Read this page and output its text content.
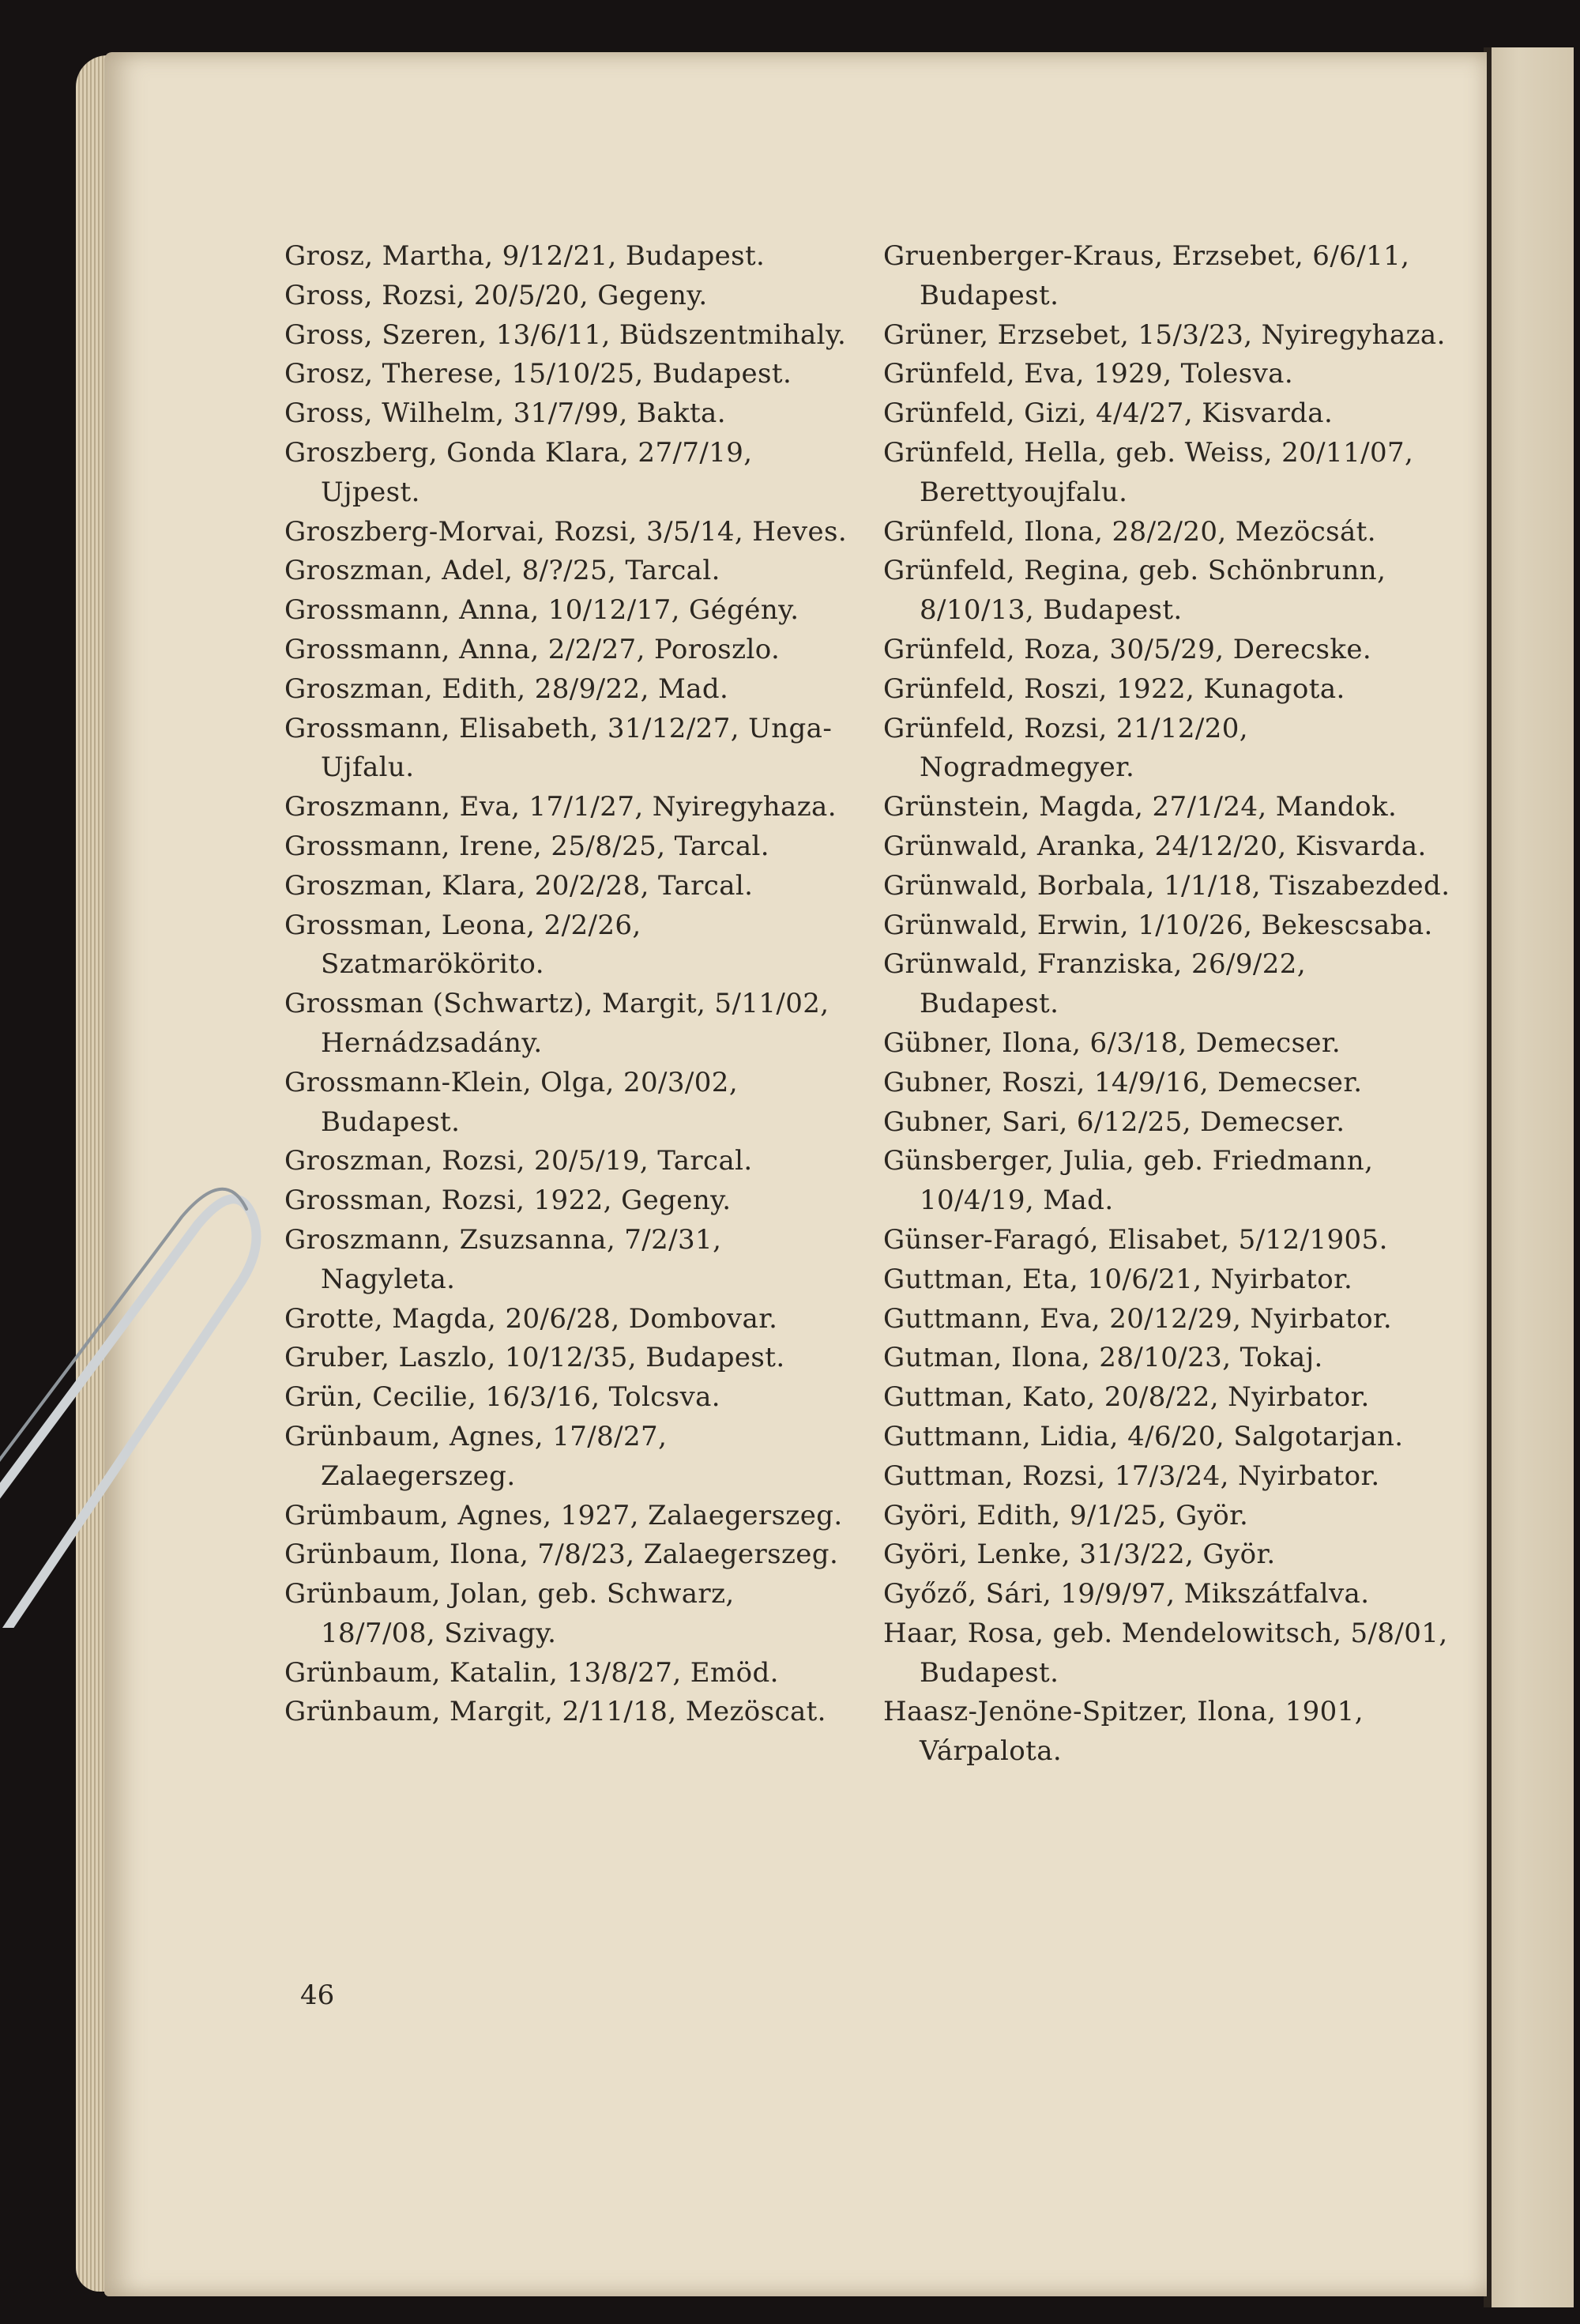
Grosz, Martha, 9/12/21, Budapest.
Gross, Rozsi, 20/5/20, Gegeny.
Gross, Szeren, 13/6/11, Büdszentmihaly.
Grosz, Therese, 15/10/25, Budapest.
Gross, Wilhelm, 31/7/99, Bakta.
Groszberg, Gonda Klara, 27/7/19, Ujpest.
Groszberg-Morvai, Rozsi, 3/5/14, Heves.
Groszman, Adel, 8/?/25, Tarcal.
Grossmann, Anna, 10/12/17, Gégény.
Grossmann, Anna, 2/2/27, Poroszlo.
Groszman, Edith, 28/9/22, Mad.
Grossmann, Elisabeth, 31/12/27, Unga-Ujfalu.
Groszmann, Eva, 17/1/27, Nyiregyhaza.
Grossmann, Irene, 25/8/25, Tarcal.
Groszman, Klara, 20/2/28, Tarcal.
Grossman, Leona, 2/2/26, Szatmarökörito.
Grossman (Schwartz), Margit, 5/11/02, Hernádzsadány.
Grossmann-Klein, Olga, 20/3/02, Budapest.
Groszman, Rozsi, 20/5/19, Tarcal.
Grossman, Rozsi, 1922, Gegeny.
Groszmann, Zsuzsanna, 7/2/31, Nagyleta.
Grotte, Magda, 20/6/28, Dombovar.
Gruber, Laszlo, 10/12/35, Budapest.
Grün, Cecilie, 16/3/16, Tolcsva.
Grünbaum, Agnes, 17/8/27, Zalaegerszeg.
Grümbaum, Agnes, 1927, Zalaegerszeg.
Grünbaum, Ilona, 7/8/23, Zalaegerszeg.
Grünbaum, Jolan, geb. Schwarz, 18/7/08, Szivagy.
Grünbaum, Katalin, 13/8/27, Emöd.
Grünbaum, Margit, 2/11/18, Mezöscat.
Gruenberger-Kraus, Erzsebet, 6/6/11, Budapest.
Grüner, Erzsebet, 15/3/23, Nyiregyhaza.
Grünfeld, Eva, 1929, Tolesva.
Grünfeld, Gizi, 4/4/27, Kisvarda.
Grünfeld, Hella, geb. Weiss, 20/11/07, Berettyoujfalu.
Grünfeld, Ilona, 28/2/20, Mezöcsát.
Grünfeld, Regina, geb. Schönbrunn, 8/10/13, Budapest.
Grünfeld, Roza, 30/5/29, Derecske.
Grünfeld, Roszi, 1922, Kunagota.
Grünfeld, Rozsi, 21/12/20, Nogradmegyer.
Grünstein, Magda, 27/1/24, Mandok.
Grünwald, Aranka, 24/12/20, Kisvarda.
Grünwald, Borbala, 1/1/18, Tiszabezded.
Grünwald, Erwin, 1/10/26, Bekescsaba.
Grünwald, Franziska, 26/9/22, Budapest.
Gübner, Ilona, 6/3/18, Demecser.
Gubner, Roszi, 14/9/16, Demecser.
Gubner, Sari, 6/12/25, Demecser.
Günsberger, Julia, geb. Friedmann, 10/4/19, Mad.
Günser-Faragó, Elisabet, 5/12/1905.
Guttman, Eta, 10/6/21, Nyirbator.
Guttmann, Eva, 20/12/29, Nyirbator.
Gutman, Ilona, 28/10/23, Tokaj.
Guttman, Kato, 20/8/22, Nyirbator.
Guttmann, Lidia, 4/6/20, Salgotarjan.
Guttman, Rozsi, 17/3/24, Nyirbator.
Györi, Edith, 9/1/25, Györ.
Györi, Lenke, 31/3/22, Györ.
Győző, Sári, 19/9/97, Mikszátfalva.
Haar, Rosa, geb. Mendelowitsch, 5/8/01, Budapest.
Haasz-Jenöne-Spitzer, Ilona, 1901, Várpalota.
46
